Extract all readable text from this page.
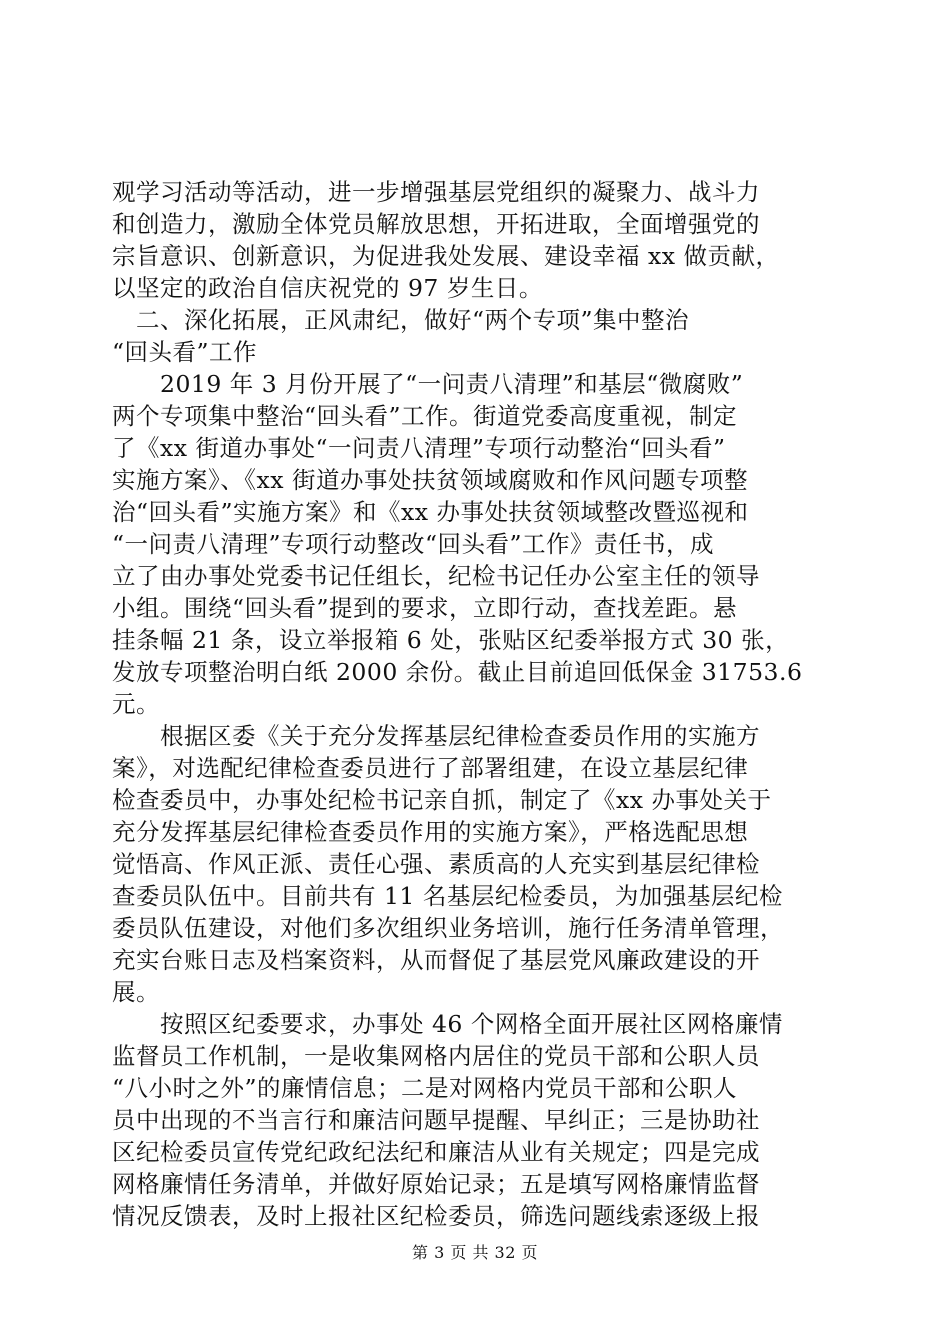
观学习活动等活动，进一步增强基层党组织的凝聚力、战斗力
和创造力，激励全体党员解放思想，开拓进取，全面增强党的
宗旨意识、创新意识，为促进我处发展、建设幸福 xx 做贡献，
以坚定的政治自信庆祝党的 97 岁生日。
　二、深化拓展，正风肃纪，做好“两个专项”集中整治
“回头看”工作
　　2019 年 3 月份开展了“一问责八清理”和基层“微腐败”
两个专项集中整治“回头看”工作。街道党委高度重视，制定
了《xx 街道办事处“一问责八清理”专项行动整治“回头看”
实施方案》、《xx 街道办事处扶贫领域腐败和作风问题专项整
治“回头看”实施方案》和《xx 办事处扶贫领域整改暨巡视和
“一问责八清理”专项行动整改“回头看”工作》责任书，成
立了由办事处党委书记任组长，纪检书记任办公室主任的领导
小组。围绕“回头看”提到的要求，立即行动，查找差距。悬
挂条幅 21 条，设立举报箱 6 处，张贴区纪委举报方式 30 张，
发放专项整治明白纸 2000 余份。截止目前追回低保金 31753.6
元。
　　根据区委《关于充分发挥基层纪律检查委员作用的实施方
案》，对选配纪律检查委员进行了部署组建，在设立基层纪律
检查委员中，办事处纪检书记亲自抓，制定了《xx 办事处关于
充分发挥基层纪律检查委员作用的实施方案》，严格选配思想
觉悟高、作风正派、责任心强、素质高的人充实到基层纪律检
查委员队伍中。目前共有 11 名基层纪检委员，为加强基层纪检
委员队伍建设，对他们多次组织业务培训，施行任务清单管理，
充实台账日志及档案资料，从而督促了基层党风廉政建设的开
展。
　　按照区纪委要求，办事处 46 个网格全面开展社区网格廉情
监督员工作机制，一是收集网格内居住的党员干部和公职人员
“八小时之外”的廉情信息；二是对网格内党员干部和公职人
员中出现的不当言行和廉洁问题早提醒、早纠正；三是协助社
区纪检委员宣传党纪政纪法纪和廉洁从业有关规定；四是完成
网格廉情任务清单，并做好原始记录；五是填写网格廉情监督
情况反馈表，及时上报社区纪检委员，筛选问题线索逐级上报
第 3 页 共 32 页
